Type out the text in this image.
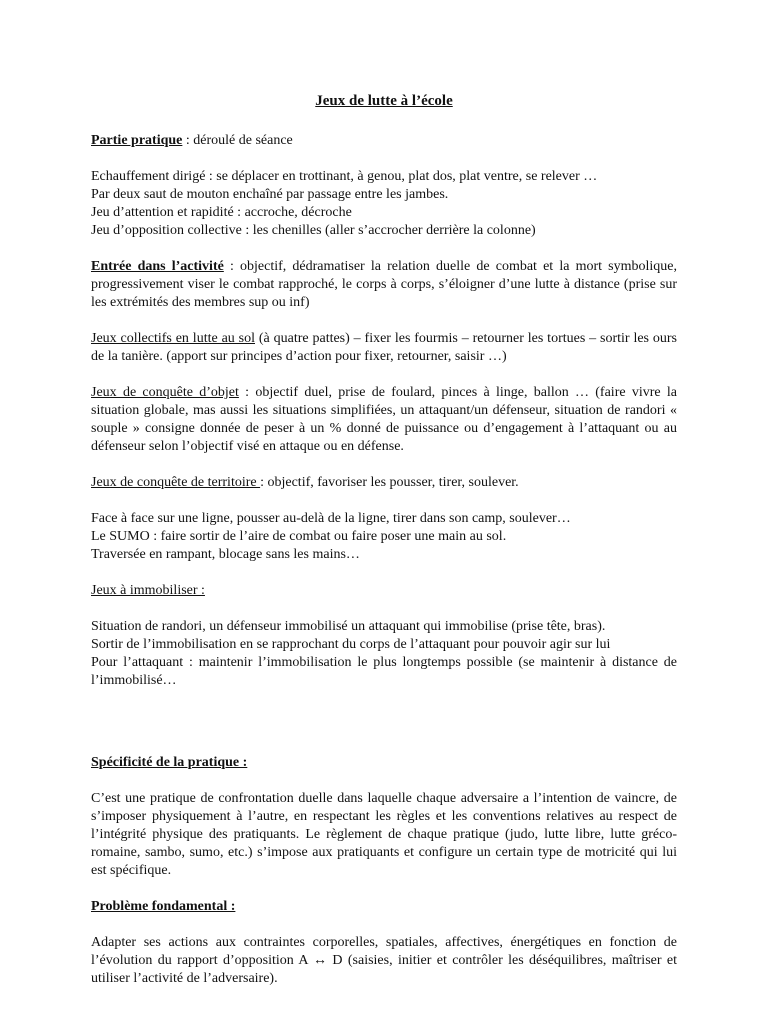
Jeux de lutte à l’école

Partie pratique : déroulé de séance

Echauffement dirigé : se déplacer en trottinant, à genou, plat dos, plat ventre, se relever …

Par deux saut de mouton enchaîné par passage entre les jambes.

Jeu d’attention et rapidité : accroche, décroche

Jeu d’opposition collective : les chenilles (aller s’accrocher derrière la colonne)

Entrée dans l’activité : objectif, dédramatiser la relation duelle de combat et la mort symbolique, progressivement viser le combat rapproché, le corps à corps, s’éloigner d’une lutte à distance (prise sur les extrémités des membres sup ou inf)

Jeux collectifs en lutte au sol (à quatre pattes) – fixer les fourmis – retourner les tortues – sortir les ours de la tanière. (apport sur principes d’action pour fixer, retourner, saisir …)

Jeux de conquête d’objet : objectif duel, prise de foulard, pinces à linge, ballon … (faire vivre la situation globale, mas aussi les situations simplifiées, un attaquant/un défenseur, situation de randori « souple » consigne donnée de peser à un % donné de puissance ou d’engagement à l’attaquant ou au défenseur selon l’objectif visé en attaque ou en défense.

Jeux de conquête de territoire : objectif, favoriser les pousser, tirer, soulever.

Face à face sur une ligne, pousser au-delà de la ligne, tirer dans son camp, soulever…

Le SUMO : faire sortir de l’aire de combat ou faire poser une main au sol.

Traversée en rampant, blocage sans les mains…

Jeux à immobiliser :

Situation de randori, un défenseur immobilisé un attaquant qui immobilise (prise tête, bras).

Sortir de l’immobilisation en se rapprochant du corps de l’attaquant pour pouvoir agir sur lui

Pour l’attaquant : maintenir l’immobilisation le plus longtemps possible (se maintenir à distance de l’immobilisé…

Spécificité de la pratique :

C’est une pratique de confrontation duelle dans laquelle chaque adversaire a l’intention de vaincre, de s’imposer physiquement à l’autre, en respectant les règles et les conventions relatives au respect de l’intégrité physique des pratiquants. Le règlement de chaque pratique (judo, lutte libre, lutte gréco-romaine, sambo, sumo, etc.) s’impose aux pratiquants et configure un certain type de motricité qui lui est spécifique.

Problème fondamental :

Adapter ses actions aux contraintes corporelles, spatiales, affectives, énergétiques en fonction de l’évolution du rapport d’opposition A ↔ D (saisies, initier et contrôler les déséquilibres, maîtriser et utiliser l’activité de l’adversaire).
